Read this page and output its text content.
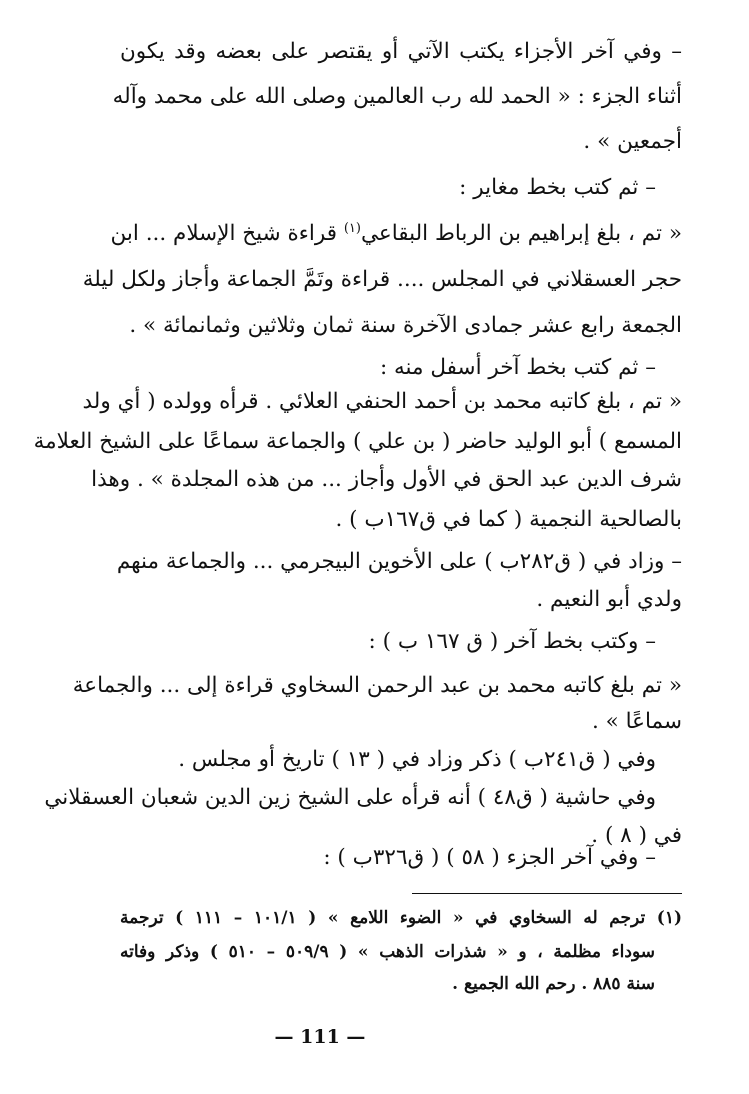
– وفي آخر الأجزاء يكتب الآتي أو يقتصر على بعضه وقد يكون
أثناء الجزء : « الحمد لله رب العالمين وصلى الله على محمد وآله
أجمعين » .
– ثم كتب بخط مغاير :
« تم ، بلغ إبراهيم بن الرباط البقاعي$^{(١)}$ قراءة شيخ الإسلام ... ابن
حجر العسقلاني في المجلس .... قراءة وتَمَّ الجماعة وأجاز ولكل ليلة
الجمعة رابع عشر جمادى الآخرة سنة ثمان وثلاثين وثمانمائة » .
– ثم كتب بخط آخر أسفل منه :
« تم ، بلغ كاتبه محمد بن أحمد الحنفي العلائي . قرأه وولده ( أي ولد
المسمع ) أبو الوليد حاضر ( بن علي ) والجماعة سماعًا على الشيخ العلامة
شرف الدين عبد الحق في الأول وأجاز ... من هذه المجلدة » . وهذا
بالصالحية النجمية ( كما في ق١٦٧ب ) .
– وزاد في ( ق٢٨٢ب ) على الأخوين البيجرمي ... والجماعة منهم
ولدي أبو النعيم .
– وكتب بخط آخر ( ق ١٦٧ ب ) :
« تم بلغ كاتبه محمد بن عبد الرحمن السخاوي قراءة إلى ... والجماعة
سماعًا » .
وفي ( ق٢٤١ب ) ذكر وزاد في ( ١٣ ) تاريخ أو مجلس .
وفي حاشية ( ق٤٨ ) أنه قرأه على الشيخ زين الدين شعبان العسقلاني
في ( ٨ ) .
– وفي آخر الجزء ( ٥٨ ) ( ق٣٢٦ب ) :
(١) ترجم له السخاوي في « الضوء اللامع » ( ١٠١/١ – ١١١ ) ترجمة
سوداء مظلمة ، و « شذرات الذهب » ( ٥٠٩/٩ – ٥١٠ ) وذكر وفاته
سنة ٨٨٥ . رحم الله الجميع .
— 111 —
